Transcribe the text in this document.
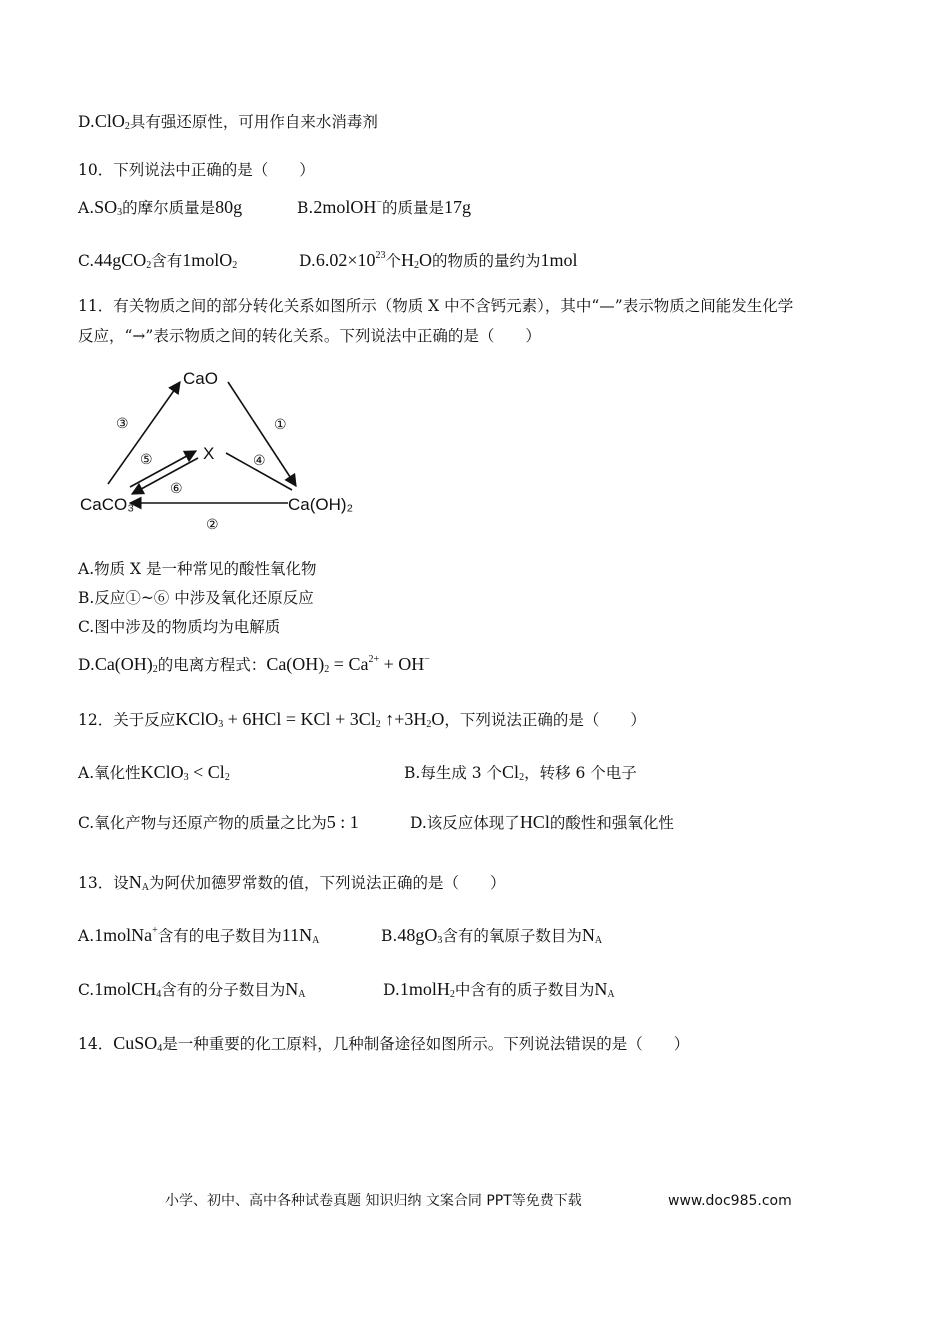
D.ClO$_2$具有强还原性，可用作自来水消毒剂
10．下列说法中正确的是（　　）
$A.SO_3$的摩尔质量是80g	B.2molOH−的质量是17g
C.44gCO$_2$含有1molO$_2$	$D.6.02\times 10^{23}$个$H_2O$的物质的量约为1mol
11．有关物质之间的部分转化关系如图所示（物质 X 中不含钙元素），其中“—”表示物质之间能发生化学
反应，“→”表示物质之间的转化关系。下列说法中正确的是（　　）
CaO
X
CaCO₃	Ca(OH)₂
③	①
⑤	④
⑥
②
A.物质 X 是一种常见的酸性氧化物
B.反应①~⑥ 中涉及氧化还原反应
C.图中涉及的物质均为电解质
$D.Ca(OH)_2$的电离方程式：$Ca(OH)_2 = Ca^{2+} + OH^-$
12．关于反应KClO$_3$ + 6HCl = KCl + $3Cl_2$ $↑+3H_2O$，下列说法正确的是（　　）
A.氧化性KClO$_3$ < $Cl_2$	B.每生成 3 个$Cl_2$，转移 6 个电子
C.氧化产物与还原产物的质量之比为5 : 1	D.该反应体现了HCl的酸性和强氧化性
13．设$N_A$为阿伏加德罗常数的值，下列说法正确的是（　　）
A.1molNa+含有的电子数目为$11N_A$	$B.48gO_3$含有的氧原子数目为$N_A$
C.1molCH$_4$含有的分子数目为$N_A$	D.1molH$_2$中含有的质子数目为$N_A$
14．CuSO$_4$是一种重要的化工原料，几种制备途径如图所示。下列说法错误的是（　　）
小学、初中、高中各种试卷真题 知识归纳 文案合同 PPT等免费下载	www.doc985.com
